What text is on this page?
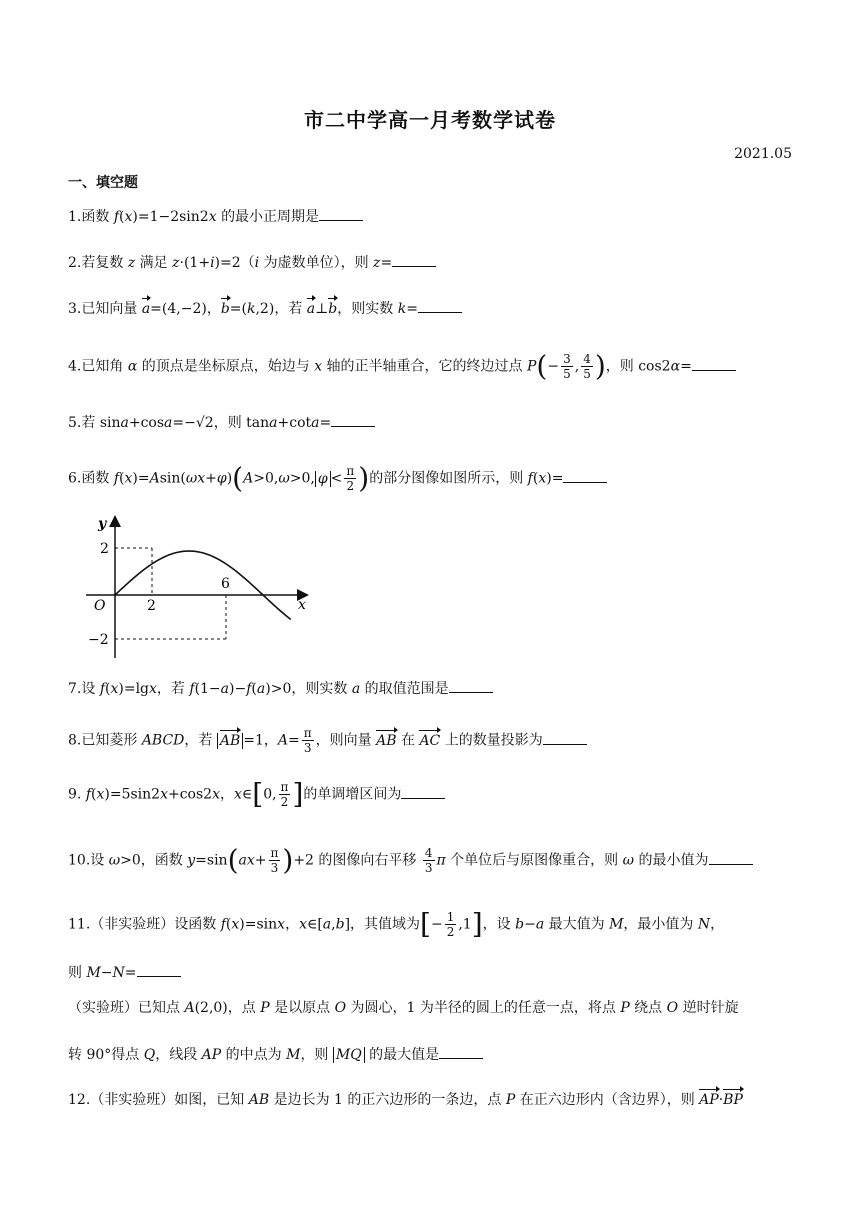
市二中学高一月考数学试卷
2021.05
一、填空题
1.函数 f(x)=1−2sin2x 的最小正周期是
2.若复数 z 满足 z·(1+i)=2（i 为虚数单位），则 z=
3.已知向量 a=(4,−2)，b=(k,2)，若 a⊥b，则实数 k=
4.已知角 α 的顶点是坐标原点，始边与 x 轴的正半轴重合，它的终边过点 $P(- \frac{3}{5}$ , $\frac{4}{5}$ )，则 cos2α=
5.若 sina+cosa=−√2，则 tana+cota=
6.函数 f(x)=Asin(ωx+φ)(A>0,ω>0, $\varphi < \frac{\pi}{2}$ )的部分图像如图所示，则 f(x)=
y
x
O
2
−2
2
6
7.设 f(x)=lgx，若 f(1−a)−f(a)>0，则实数 a 的取值范围是
8.已知菱形 ABCD，若 AB =1，$A= \frac{\pi}{3}$ ，则向量 AB 在 AC 上的数量投影为
9. f(x)=5sin2x+cos2x，x∈[0, $\frac{\pi}{2}$ ]的单调增区间为
10.设 ω>0，函数 $y=\sin(ax+ \frac{\pi}{3} )+2$ 的图像向右平移 $\frac{4}{3}$ π 个单位后与原图像重合，则 ω 的最小值为
11.（非实验班）设函数 f(x)=sinx，x∈[a,b]，其值域为[− $\frac{1}{2} ,1$]，设 b−a 最大值为 M，最小值为 N，
则 M−N=
（实验班）已知点 A(2,0)，点 P 是以原点 O 为圆心，1 为半径的圆上的任意一点，将点 P 绕点 O 逆时针旋
转 90°得点 Q，线段 AP 的中点为 M，则 MQ 的最大值是
12.（非实验班）如图，已知 AB 是边长为 1 的正六边形的一条边，点 P 在正六边形内（含边界），则 AP·BP
